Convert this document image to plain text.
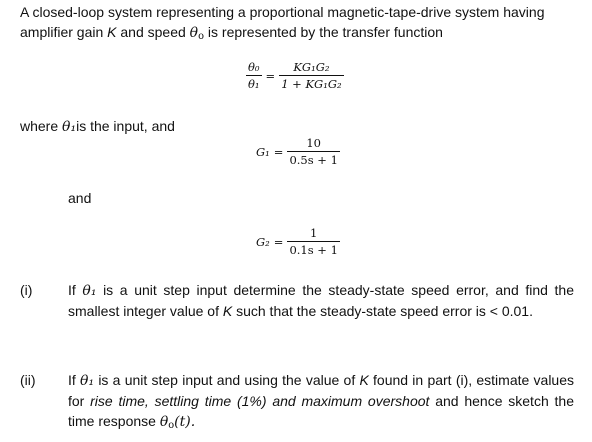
A closed-loop system representing a proportional magnetic-tape-drive system having
amplifier gain K and speed $\theta_o$ is represented by the transfer function
$\frac{\text{θ₀}}{\text{θ₁}} = \frac{\text{KG₁G₂}}{\text{1 + KG₁G₂}}$
where θ₁is the input, and
$G_1 = \frac{10}{0.5s + 1}$
and
$G_2 = \frac{1}{0.1s + 1}$
(i)	If θ₁ is a unit step input determine the steady-state speed error, and find the smallest integer value of K such that the steady-state speed error is < 0.01.
(ii) If θ₁ is a unit step input and using the value of K found in part (i), estimate values for rise time, settling time (1%) and maximum overshoot and hence sketch the time response $\theta_o(t)$.
